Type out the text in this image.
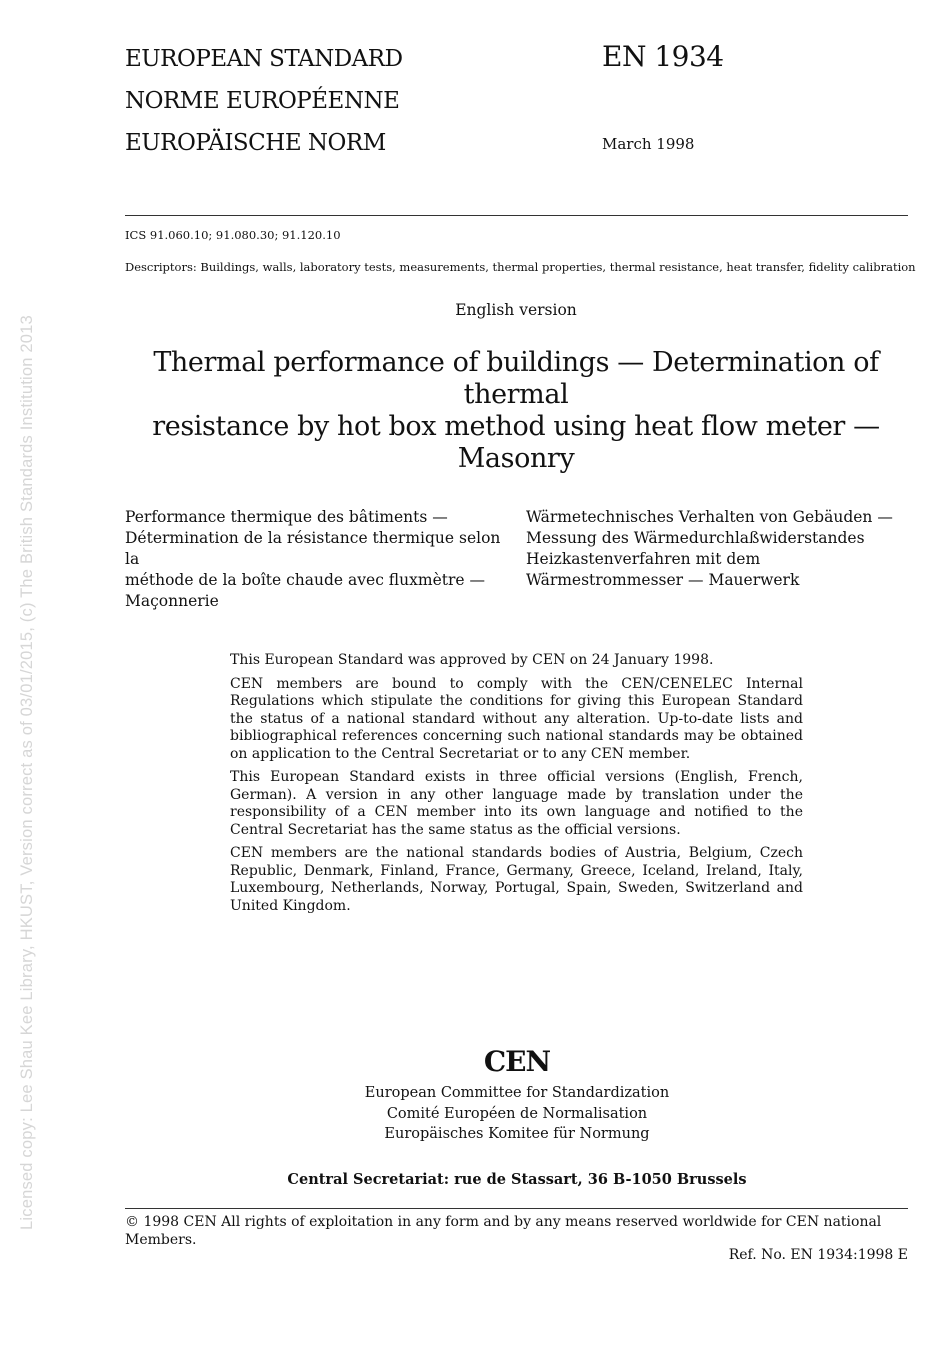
Licensed copy: Lee Shau Kee Library, HKUST, Version correct as of 03/01/2015, (c) The British Standards Institution 2013
EUROPEAN STANDARD
NORME EUROPÉENNE
EUROPÄISCHE NORM
EN 1934
March 1998
ICS 91.060.10; 91.080.30; 91.120.10
Descriptors: Buildings, walls, laboratory tests, measurements, thermal properties, thermal resistance, heat transfer, fidelity calibration
English version
Thermal performance of buildings — Determination of thermal
resistance by hot box method using heat flow meter — Masonry
Performance thermique des bâtiments —
Détermination de la résistance thermique selon la
méthode de la boîte chaude avec fluxmètre —
Maçonnerie
Wärmetechnisches Verhalten von Gebäuden —
Messung des Wärmedurchlaßwiderstandes
Heizkastenverfahren mit dem
Wärmestrommesser — Mauerwerk

This European Standard was approved by CEN on 24 January 1998.

CEN members are bound to comply with the CEN/CENELEC Internal Regulations which stipulate the conditions for giving this European Standard the status of a national standard without any alteration. Up-to-date lists and bibliographical references concerning such national standards may be obtained on application to the Central Secretariat or to any CEN member.

This European Standard exists in three official versions (English, French, German). A version in any other language made by translation under the responsibility of a CEN member into its own language and notified to the Central Secretariat has the same status as the official versions.

CEN members are the national standards bodies of Austria, Belgium, Czech Republic, Denmark, Finland, France, Germany, Greece, Iceland, Ireland, Italy, Luxembourg, Netherlands, Norway, Portugal, Spain, Sweden, Switzerland and United Kingdom.

CEN
European Committee for Standardization
Comité Européen de Normalisation
Europäisches Komitee für Normung
Central Secretariat: rue de Stassart, 36 B-1050 Brussels
© 1998 CEN All rights of exploitation in any form and by any means reserved worldwide for CEN national Members.
Ref. No. EN 1934:1998 E
